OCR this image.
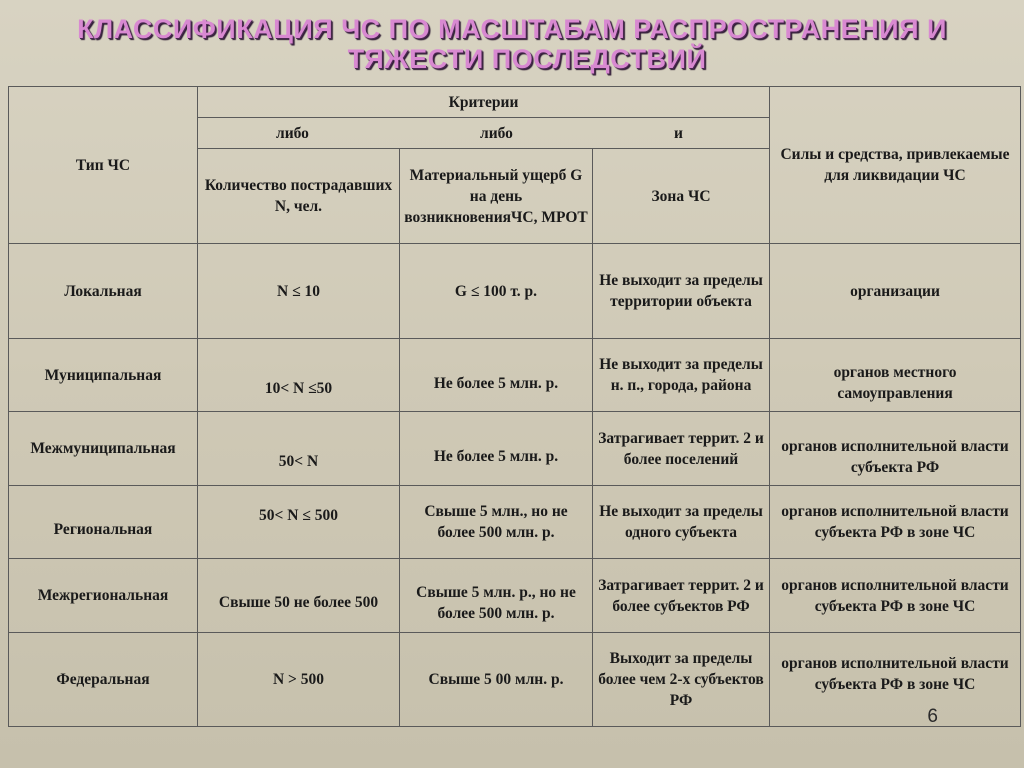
КЛАССИФИКАЦИЯ ЧС ПО МАСШТАБАМ РАСПРОСТРАНЕНИЯ И
ТЯЖЕСТИ ПОСЛЕДСТВИЙ
Тип ЧС	Критерии			Силы и средства, привлекаемые для ликвидации ЧС

	либо либо и			

	Количество пострадавших N, чел.	Материальный ущерб G на день возникновенияЧС, МРОТ	Зона ЧС	
Локальная	N ≤ 10	G ≤ 100 т. р.	Не выходит за пределы территории объекта	организации
Муниципальная	10< N ≤50	Не более 5 млн. р.	Не выходит за пределы н. п., города, района	органов местного самоуправления
Межмуниципальная	50< N	Не более 5 млн. р.	Затрагивает террит. 2 и более поселений	органов исполнительной власти субъекта РФ
Региональная	50< N ≤ 500	Свыше 5 млн., но не более 500 млн. р.	Не выходит за пределы одного субъекта	органов исполнительной власти субъекта РФ в зоне ЧС
Межрегиональная	Свыше 50 не более 500	Свыше 5 млн. р., но не более 500 млн. р.	Затрагивает террит. 2 и более субъектов РФ	органов исполнительной власти субъекта РФ в зоне ЧС
Федеральная	N > 500	Свыше 5 00 млн. р.	Выходит за пределы более чем 2-х субъектов РФ	органов исполнительной власти субъекта РФ в зоне ЧС
6
